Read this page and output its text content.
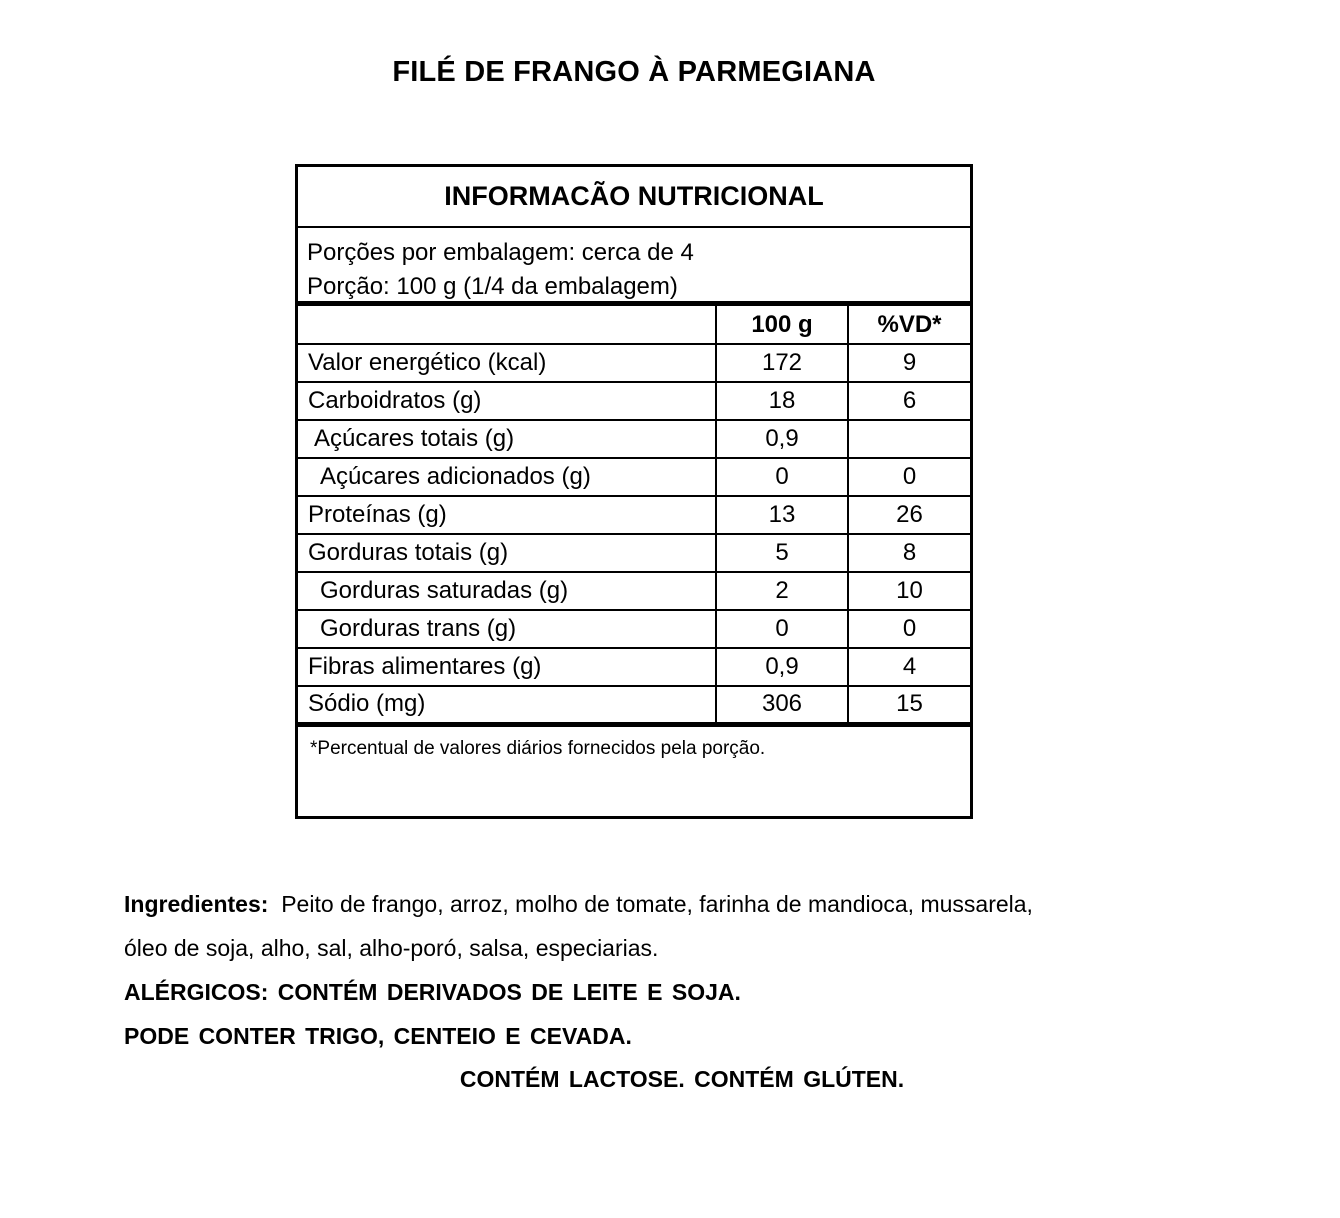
FILÉ DE FRANGO À PARMEGIANA
INFORMACÃO NUTRICIONAL
Porções por embalagem: cerca de 4
Porção: 100 g (1/4 da embalagem)
	100 g	%VD*
Valor energético (kcal)	172	9
Carboidratos (g)	18	6
Açúcares totais (g)	0,9	
Açúcares adicionados (g)	0	0
Proteínas (g)	13	26
Gorduras totais (g)	5	8
Gorduras saturadas (g)	2	10
Gorduras trans (g)	0	0
Fibras alimentares (g)	0,9	4
Sódio (mg)	306	15
*Percentual de valores diários fornecidos pela porção.
Ingredientes: Peito de frango, arroz, molho de tomate, farinha de mandioca, mussarela,
óleo de soja, alho, sal, alho-poró, salsa, especiarias.
ALÉRGICOS: CONTÉM DERIVADOS DE LEITE E SOJA.
PODE CONTER TRIGO, CENTEIO E CEVADA.
CONTÉM LACTOSE. CONTÉM GLÚTEN.
